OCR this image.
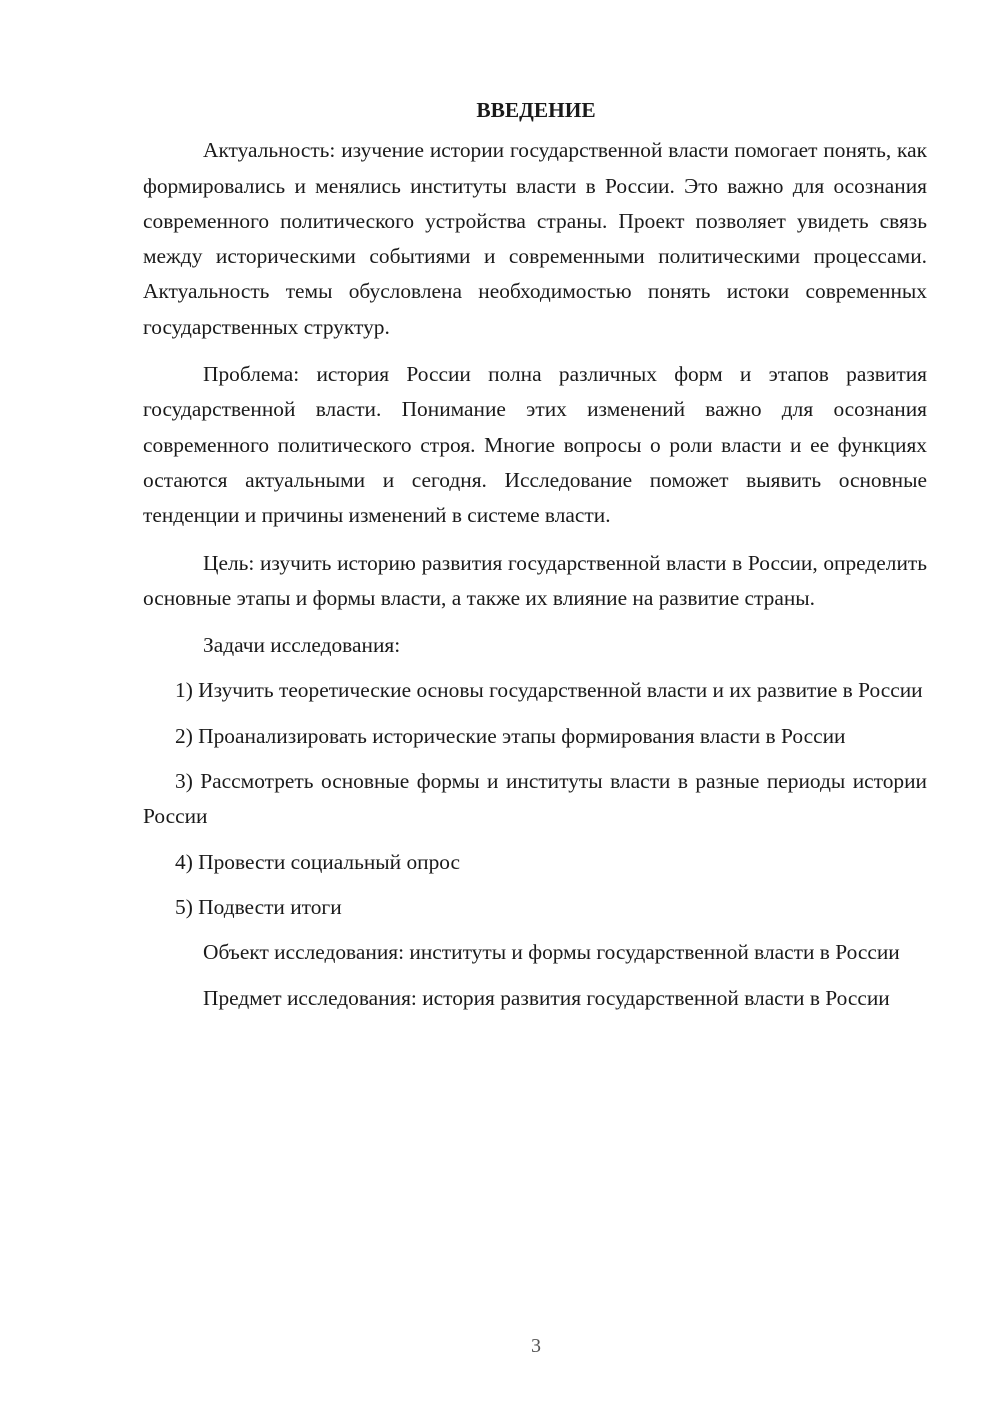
ВВЕДЕНИЕ

Актуальность: изучение истории государственной власти помогает понять, как формировались и менялись институты власти в России. Это важно для осознания современного политического устройства страны. Проект позволяет увидеть связь между историческими событиями и современными политическими процессами. Актуальность темы обусловлена необходимостью понять истоки современных государственных структур.

Проблема: история России полна различных форм и этапов развития государственной власти. Понимание этих изменений важно для осознания современного политического строя. Многие вопросы о роли власти и ее функциях остаются актуальными и сегодня. Исследование поможет выявить основные тенденции и причины изменений в системе власти.

Цель: изучить историю развития государственной власти в России, определить основные этапы и формы власти, а также их влияние на развитие страны.

Задачи исследования:

1) Изучить теоретические основы государственной власти и их развитие в России

2) Проанализировать исторические этапы формирования власти в России

3) Рассмотреть основные формы и институты власти в разные периоды истории России

4) Провести социальный опрос

5) Подвести итоги

Объект исследования: институты и формы государственной власти в России

Предмет исследования: история развития государственной власти в России

3
